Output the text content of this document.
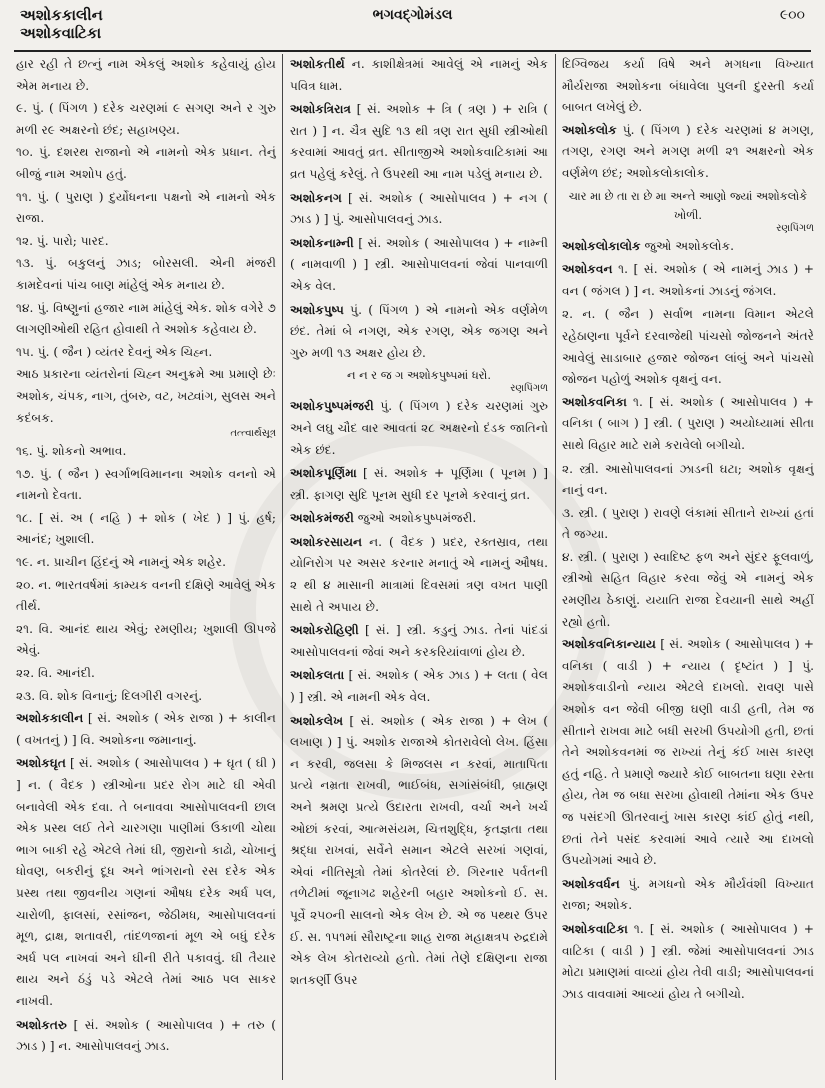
અશોકકાલીન
અશોકવાટિકા
ભગવદ્ગોમંડલ	૯૦૦
હાર રહી તે છત્નું નામ એકલું અશોક કહેવાયું હોય એમ મનાય છે.
૯. પું. ( પિંગળ ) દરેક ચરણમાં ૯ સગણ અને ર ગુરુ મળી ર૯ અક્ષરનો છંદ; સહાખણ્ય.
૧૦. પું. દશરથ રાજાનો એ નામનો એક પ્રધાન. તેનું બીજું નામ અશોપ હતું.
૧૧. પું. ( પુરાણ ) દુર્યોધનના પક્ષનો એ નામનો એક રાજા.
૧૨. પું. પારો; પારદ.
૧૩. પું. બકુલનું ઝાડ; બોરસલી. એની મંજરી કામદેવનાં પાંચ બાણ માંહેલું એક મનાય છે.
૧૪. પું. વિષ્ણુનાં હજાર નામ માંહેલું એક. શોક વગેરે ૭ લાગણીઓથી રહિત હોવાથી તે અશોક કહેવાય છે.
૧૫. પું. ( જૈન ) વ્યંતર દેવનું એક ચિહ્ન.
આઠ પ્રકારના વ્યંતરોનાં ચિહ્ન અનુક્રમે આ પ્રમાણે છેઃ અશોક, ચંપક, નાગ, તુંબરુ, વટ, ખટ્વાંગ, સુલસ અને કદંબક.
તત્ત્વાર્થસૂત્ર
૧૬. પું. શોકનો અભાવ.
૧૭. પું. ( જૈન ) સ્વર્ગાભવિમાનના અશોક વનનો એ નામનો દેવતા.
૧૮. [ સં. અ ( નહિ ) + શોક ( ખેદ ) ] પું. હર્ષ; આનંદ; ખુશાલી.
૧૯. ન. પ્રાચીન હિંદનું એ નામનું એક શહેર.
૨૦. ન. ભારતવર્ષમાં કામ્યક વનની દક્ષિણે આવેલું એક તીર્થ.
૨૧. વિ. આનંદ થાય એવું; રમણીય; ખુશાલી ઊપજે એવું.
૨૨. વિ. આનંદી.
૨૩. વિ. શોક વિનાનું; દિલગીરી વગરનું.
અશોકકાલીન [ સં. અશોક ( એક રાજા ) + કાલીન ( વખતનું ) ] વિ. અશોકના જમાનાનું.
અશોકઘૃત [ સં. અશોક ( આસોપાલવ ) + ઘૃત ( ઘી ) ] ન. ( વૈદક ) સ્ત્રીઓના પ્રદર રોગ માટે ઘી એવી બનાવેલી એક દવા. તે બનાવવા આસોપાલવની છાલ એક પ્રસ્થ લઈ તેને ચારગણા પાણીમાં ઉકાળી ચોથા ભાગ બાકી રહે એટલે તેમાં ઘી, જીરાનો કાઢો, ચોખાનું ધોવણ, બકરીનું દૂધ અને ભાંગરાનો રસ દરેક એક પ્રસ્થ તથા જીવનીય ગણનાં ઔષધ દરેક અર્ધ પલ, ચારોળી, ફાલસાં, રસાંજન, જેઠીમધ, આસોપાલવનાં મૂળ, દ્રાક્ષ, શતાવરી, તાંદળજાનાં મૂળ એ બધું દરેક અર્ધ પલ નાખવાં અને ઘીની રીતે પકાવવું. ઘી તૈયાર થાય અને ઠંડું પડે એટલે તેમાં આઠ પલ સાકર નાખવી.
અશોકતરુ [ સં. અશોક ( આસોપાલવ ) + તરુ ( ઝાડ ) ] ન. આસોપાલવનું ઝાડ.
અશોકતીર્થ ન. કાશીક્ષેત્રમાં આવેલું એ નામનું એક પવિત્ર ધામ.
અશોકત્રિરાત્ર [ સં. અશોક + ત્રિ ( ત્રણ ) + રાત્રિ ( રાત ) ] ન. ચૈત્ર સુદિ ૧૩ થી ત્રણ રાત સુધી સ્ત્રીઓથી કરવામાં આવતું વ્રત. સીતાજીએ અશોકવાટિકામાં આ વ્રત પહેલું કરેલું. તે ઉપરથી આ નામ પડેલું મનાય છે.
અશોકનગ [ સં. અશોક ( આસોપાલવ ) + નગ ( ઝાડ ) ] પું. આસોપાલવનું ઝાડ.
અશોકનામ્ની [ સં. અશોક ( આસોપાલવ ) + નામ્ની ( નામવાળી ) ] સ્ત્રી. આસોપાલવનાં જેવાં પાનવાળી એક વેલ.
અશોકપુષ્પ પું. ( પિંગળ ) એ નામનો એક વર્ણમેળ છંદ. તેમાં બે નગણ, એક રગણ, એક જગણ અને ગુરુ મળી ૧૩ અક્ષર હોય છે.
ન ન ર જ ગ અશોકપુષ્પમાં ધરો.
રણપિંગળ
અશોકપુષ્પમંજરી પું. ( પિંગળ ) દરેક ચરણમાં ગુરુ અને લઘુ ચૌદ વાર આવતાં ૨૮ અક્ષરનો દંડક જાતિનો એક છંદ.
અશોકપૂર્ણિમા [ સં. અશોક + પૂર્ણિમા ( પૂનમ ) ] સ્ત્રી. ફાગણ સુદિ પૂનમ સુધી દર પૂનમે કરવાનું વ્રત.
અશોકમંજરી જુઓ અશોકપુષ્પમંજરી.
અશોકરસાયન ન. ( વૈદક ) પ્રદર, રક્તસ્રાવ, તથા યોનિરોગ પર અસર કરનાર મનાતું એ નામનું ઔષધ. ૨ થી ૪ માસાની માત્રામાં દિવસમાં ત્રણ વખત પાણી સાથે તે અપાય છે.
અશોકરોહિણી [ સં. ] સ્ત્રી. કડુનું ઝાડ. તેનાં પાંદડાં આસોપાલવનાં જેવાં અને કરકરિયાંવાળાં હોય છે.
અશોકલતા [ સં. અશોક ( એક ઝાડ ) + લતા ( વેલ ) ] સ્ત્રી. એ નામની એક વેલ.
અશોકલેખ [ સં. અશોક ( એક રાજા ) + લેખ ( લખાણ ) ] પું. અશોક રાજાએ કોતરાવેલો લેખ. હિંસા ન કરવી, જલસા કે મિજલસ ન કરવાં, માતાપિતા પ્રત્યે નમ્રતા રાખવી, ભાઈબંધ, સગાંસંબંધી, બ્રાહ્મણ અને શ્રમણ પ્રત્યે ઉદારતા રાખવી, વર્ચા અને ખર્ચ ઓછાં કરવાં, આત્મસંયમ, ચિત્તશુદ્ધિ, કૃતજ્ઞતા તથા શ્રદ્ધા રાખવાં, સર્વેને સમાન એટલે સરખાં ગણવાં, એવાં નીતિસૂત્રો તેમાં કોતરેલાં છે. ગિરનાર પર્વતની તળેટીમાં જૂનાગઢ શહેરની બહાર અશોકનો ઈ. સ. પૂર્વે ૨૫૦ની સાલનો એક લેખ છે. એ જ પથ્થર ઉપર ઈ. સ. ૧૫૧માં સૌરાષ્ટ્રના શાહ રાજા મહાક્ષત્રપ રુદ્રદામે એક લેખ કોતરાવ્યો હતો. તેમાં તેણે દક્ષિણના રાજા શતકર્ણી ઉપર
દિગ્વિજય કર્યા વિષે અને મગધના વિખ્યાત મૌર્યરાજા અશોકના બંધાવેલા પુલની દુરસ્તી કર્યા બાબત લખેલું છે.
અશોકલોક પું. ( પિંગળ ) દરેક ચરણમાં ૪ મગણ, તગણ, રગણ અને મગણ મળી ૨૧ અક્ષરનો એક વર્ણમેળ છંદ; અશોકલોકાલોક.
ચાર મા છે તા રા છે મા અન્તે આણો જ્યાં અશોકલોકે ખોળી.
રણપિંગળ
અશોકલોકાલોક જુઓ અશોકલોક.
અશોકવન ૧. [ સં. અશોક ( એ નામનું ઝાડ ) + વન ( જંગલ ) ] ન. અશોકનાં ઝાડનું જંગલ.
૨. ન. ( જૈન ) સર્વાભ નામના વિમાન એટલે રહેઠાણના પૂર્વને દરવાજેથી પાંચસો જોજનને અંતરે આવેલું સાડાબાર હજાર જોજન લાંબું અને પાંચસો જોજન પહોળું અશોક વૃક્ષનું વન.
અશોકવનિકા ૧. [ સં. અશોક ( આસોપાલવ ) + વનિકા ( બાગ ) ] સ્ત્રી. ( પુરાણ ) અયોધ્યામાં સીતા સાથે વિહાર માટે રામે કરાવેલો બગીચો.
૨. સ્ત્રી. આસોપાલવનાં ઝાડની ઘટા; અશોક વૃક્ષનું નાનું વન.
૩. સ્ત્રી. ( પુરાણ ) રાવણે લંકામાં સીતાને રાખ્યાં હતાં તે જગ્યા.
૪. સ્ત્રી. ( પુરાણ ) સ્વાદિષ્ટ ફળ અને સુંદર ફૂલવાળું, સ્ત્રીઓ સહિત વિહાર કરવા જેવું એ નામનું એક રમણીય ઠેકાણું. યયાતિ રાજા દેવયાની સાથે અહીં રહ્યો હતો.
અશોકવનિકાન્યાય [ સં. અશોક ( આસોપાલવ ) + વનિકા ( વાડી ) + ન્યાય ( દૃષ્ટાંત ) ] પું. અશોકવાડીનો ન્યાય એટલે દાખલો. રાવણ પાસે અશોક વન જેવી બીજી ઘણી વાડી હતી, તેમ જ સીતાને રાખવા માટે બધી સરખી ઉપયોગી હતી, છતાં તેને અશોકવનમાં જ રાખ્યાં તેનું કંઈ ખાસ કારણ હતું નહિ. તે પ્રમાણે જ્યારે કોઈ બાબતના ઘણા રસ્તા હોય, તેમ જ બધા સરખા હોવાથી તેમાંના એક ઉપર જ પસંદગી ઊતરવાનું ખાસ કારણ કાંઈ હોતું નથી, છતાં તેને પસંદ કરવામાં આવે ત્યારે આ દાખલો ઉપયોગમાં આવે છે.
અશોકવર્ધન પું. મગધનો એક મૌર્યવંશી વિખ્યાત રાજા; અશોક.
અશોકવાટિકા ૧. [ સં. અશોક ( આસોપાલવ ) + વાટિકા ( વાડી ) ] સ્ત્રી. જેમાં આસોપાલવનાં ઝાડ મોટા પ્રમાણમાં વાવ્યાં હોય તેવી વાડી; આસોપાલવનાં ઝાડ વાવવામાં આવ્યાં હોય તે બગીચો.
